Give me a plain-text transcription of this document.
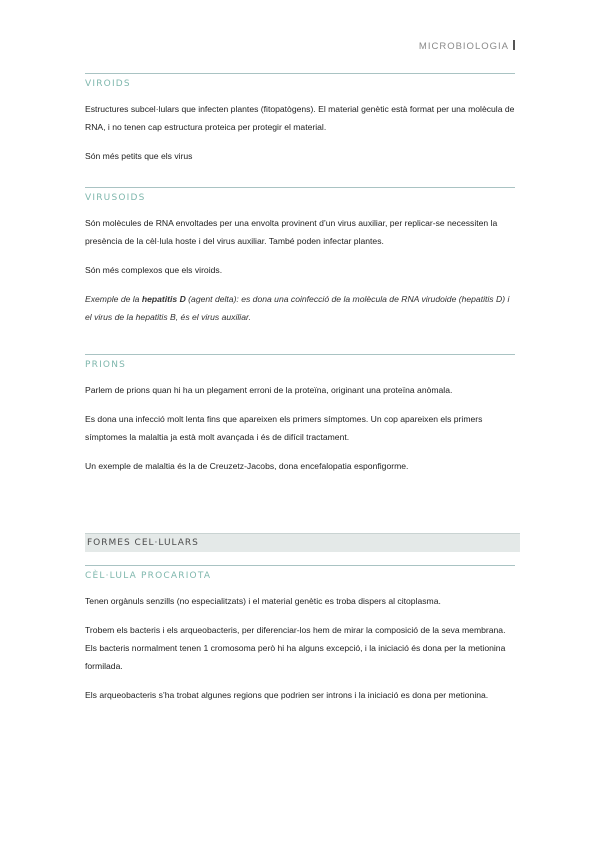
MICROBIOLOGIA
VIROIDS

Estructures subcel·lulars que infecten plantes (fitopatògens). El material genètic està format per una molècula de RNA, i no tenen cap estructura proteica per protegir el material.

Són més petits que els virus

VIRUSOIDS

Són molècules de RNA envoltades per una envolta provinent d’un virus auxiliar, per replicar-se necessiten la presència de la cèl·lula hoste i del virus auxiliar. També poden infectar plantes.

Són més complexos que els viroids.

Exemple de la hepatitis D (agent delta): es dona una coinfecció de la molècula de RNA virudoide (hepatitis D) i el virus de la hepatitis B, és el virus auxiliar.

PRIONS

Parlem de prions quan hi ha un plegament erroni de la proteïna, originant una proteïna anòmala.

Es dona una infecció molt lenta fins que apareixen els primers símptomes. Un cop apareixen els primers símptomes la malaltia ja està molt avançada i és de difícil tractament.

Un exemple de malaltia és la de Creuzetz-Jacobs, dona encefalopatia esponfigorme.

FORMES CEL·LULARS
CÈL·LULA PROCARIOTA

Tenen orgànuls senzills (no especialitzats) i el material genètic es troba dispers al citoplasma.

Trobem els bacteris i els arqueobacteris, per diferenciar-los hem de mirar la composició de la seva membrana. Els bacteris normalment tenen 1 cromosoma però hi ha alguns excepció, i la iniciació és dona per la metionina formilada.

Els arqueobacteris s’ha trobat algunes regions que podrien ser introns i la iniciació es dona per metionina.
